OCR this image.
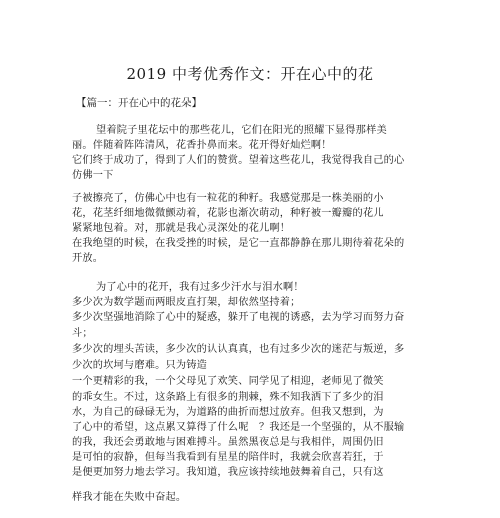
2019 中考优秀作文：开在心中的花
【篇一：开在心中的花朵】
望着院子里花坛中的那些花儿，它们在阳光的照耀下显得那样美
丽。伴随着阵阵清风，花香扑鼻而来。花开得好灿烂啊！
它们终于成功了，得到了人们的赞赏。望着这些花儿，我觉得我自己的心
仿佛一下
子被擦亮了，仿佛心中也有一粒花的种籽。我感觉那是一株美丽的小
花，花茎纤细地微微颤动着，花影也渐次萌动，种籽被一瓣瓣的花儿
紧紧地包着。对，那就是我心灵深处的花儿啊！
在我绝望的时候，在我受挫的时候，是它一直都静静在那儿期待着花朵的
开放。
为了心中的花开，我有过多少汗水与泪水啊！
多少次为数学题而两眼皮直打架，却依然坚持着；
多少次坚强地消除了心中的疑惑，躲开了电视的诱惑，去为学习而努力奋
斗；
多少次的埋头苦读，多少次的认认真真，也有过多少次的迷茫与叛逆，多
少次的坎坷与磨难。只为铸造
一个更精彩的我，一个父母见了欢笑、同学见了相迎，老师见了微笑
的乖女生。不过，这条路上有很多的荆棘，殊不知我洒下了多少的泪
水，为自己的碌碌无为，为道路的曲折而想过放弃。但我又想到，为
了心中的希望，这点累又算得了什么呢　？我还是一个坚强的，从不服输
的我，我还会勇敢地与困难搏斗。虽然黑夜总是与我相伴，周围仍旧
是可怕的寂静，但每当我看到有星星的陪伴时，我就会欣喜若狂，于
是便更加努力地去学习。我知道，我应该持续地鼓舞着自己，只有这
样我才能在失败中奋起。
